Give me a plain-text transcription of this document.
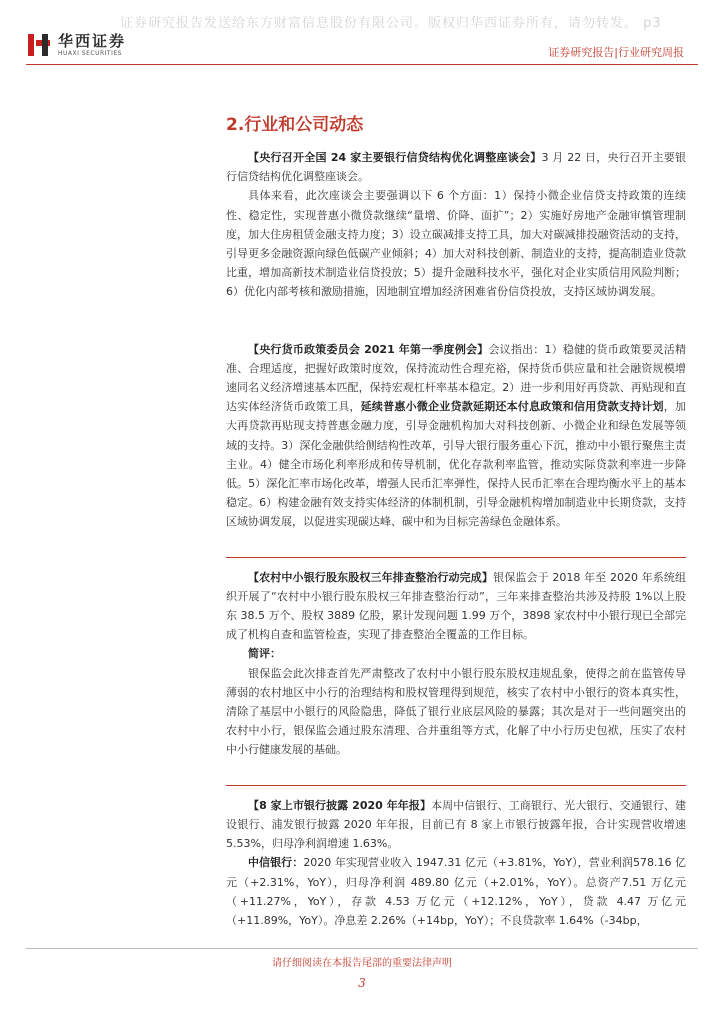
证券研究报告发送给东方财富信息股份有限公司。版权归华西证券所有，请勿转发。 p3
华西证券
HUAXI SECURITIES	证券研究报告|行业研究周报
2.行业和公司动态

【央行召开全国 24 家主要银行信贷结构优化调整座谈会】3 月 22 日，央行召开主要银行信贷结构优化调整座谈会。

具体来看，此次座谈会主要强调以下 6 个方面：1）保持小微企业信贷支持政策的连续性、稳定性，实现普惠小微贷款继续“量增、价降、面扩”；2）实施好房地产金融审慎管理制度，加大住房租赁金融支持力度；3）设立碳减排支持工具，加大对碳减排投融资活动的支持，引导更多金融资源向绿色低碳产业倾斜；4）加大对科技创新、制造业的支持，提高制造业贷款比重，增加高新技术制造业信贷投放；5）提升金融科技水平，强化对企业实质信用风险判断；6）优化内部考核和激励措施，因地制宜增加经济困难省份信贷投放，支持区域协调发展。

【央行货币政策委员会 2021 年第一季度例会】会议指出：1）稳健的货币政策要灵活精准、合理适度，把握好政策时度效，保持流动性合理充裕，保持货币供应量和社会融资规模增速同名义经济增速基本匹配，保持宏观杠杆率基本稳定。2）进一步利用好再贷款、再贴现和直达实体经济货币政策工具，延续普惠小微企业贷款延期还本付息政策和信用贷款支持计划，加大再贷款再贴现支持普惠金融力度，引导金融机构加大对科技创新、小微企业和绿色发展等领域的支持。3）深化金融供给侧结构性改革，引导大银行服务重心下沉，推动中小银行聚焦主责主业。4）健全市场化利率形成和传导机制，优化存款利率监管，推动实际贷款利率进一步降低。5）深化汇率市场化改革，增强人民币汇率弹性，保持人民币汇率在合理均衡水平上的基本稳定。6）构建金融有效支持实体经济的体制机制，引导金融机构增加制造业中长期贷款，支持区域协调发展，以促进实现碳达峰、碳中和为目标完善绿色金融体系。

【农村中小银行股东股权三年排查整治行动完成】银保监会于 2018 年至 2020 年系统组织开展了“农村中小银行股东股权三年排查整治行动”，三年来排查整治共涉及持股 1%以上股东 38.5 万个、股权 3889 亿股，累计发现问题 1.99 万个，3898 家农村中小银行现已全部完成了机构自查和监管检查，实现了排查整治全覆盖的工作目标。

简评：

银保监会此次排查首先严肃整改了农村中小银行股东股权违规乱象，使得之前在监管传导薄弱的农村地区中小行的治理结构和股权管理得到规范，核实了农村中小银行的资本真实性，清除了基层中小银行的风险隐患，降低了银行业底层风险的暴露；其次是对于一些问题突出的农村中小行，银保监会通过股东清理、合并重组等方式，化解了中小行历史包袱，压实了农村中小行健康发展的基础。

【8 家上市银行披露 2020 年年报】本周中信银行、工商银行、光大银行、交通银行、建设银行、浦发银行披露 2020 年年报，目前已有 8 家上市银行披露年报，合计实现营收增速 5.53%，归母净利润增速 1.63%。

中信银行：2020 年实现营业收入 1947.31 亿元（+3.81%，YoY），营业利润578.16 亿元（+2.31%，YoY），归母净利润 489.80 亿元（+2.01%，YoY）。总资产7.51 万亿元（+11.27%，YoY），存款 4.53 万亿元（+12.12%，YoY），贷款 4.47 万亿元（+11.89%，YoY）。净息差 2.26%（+14bp，YoY）；不良贷款率 1.64%（-34bp，

请仔细阅读在本报告尾部的重要法律声明
3
